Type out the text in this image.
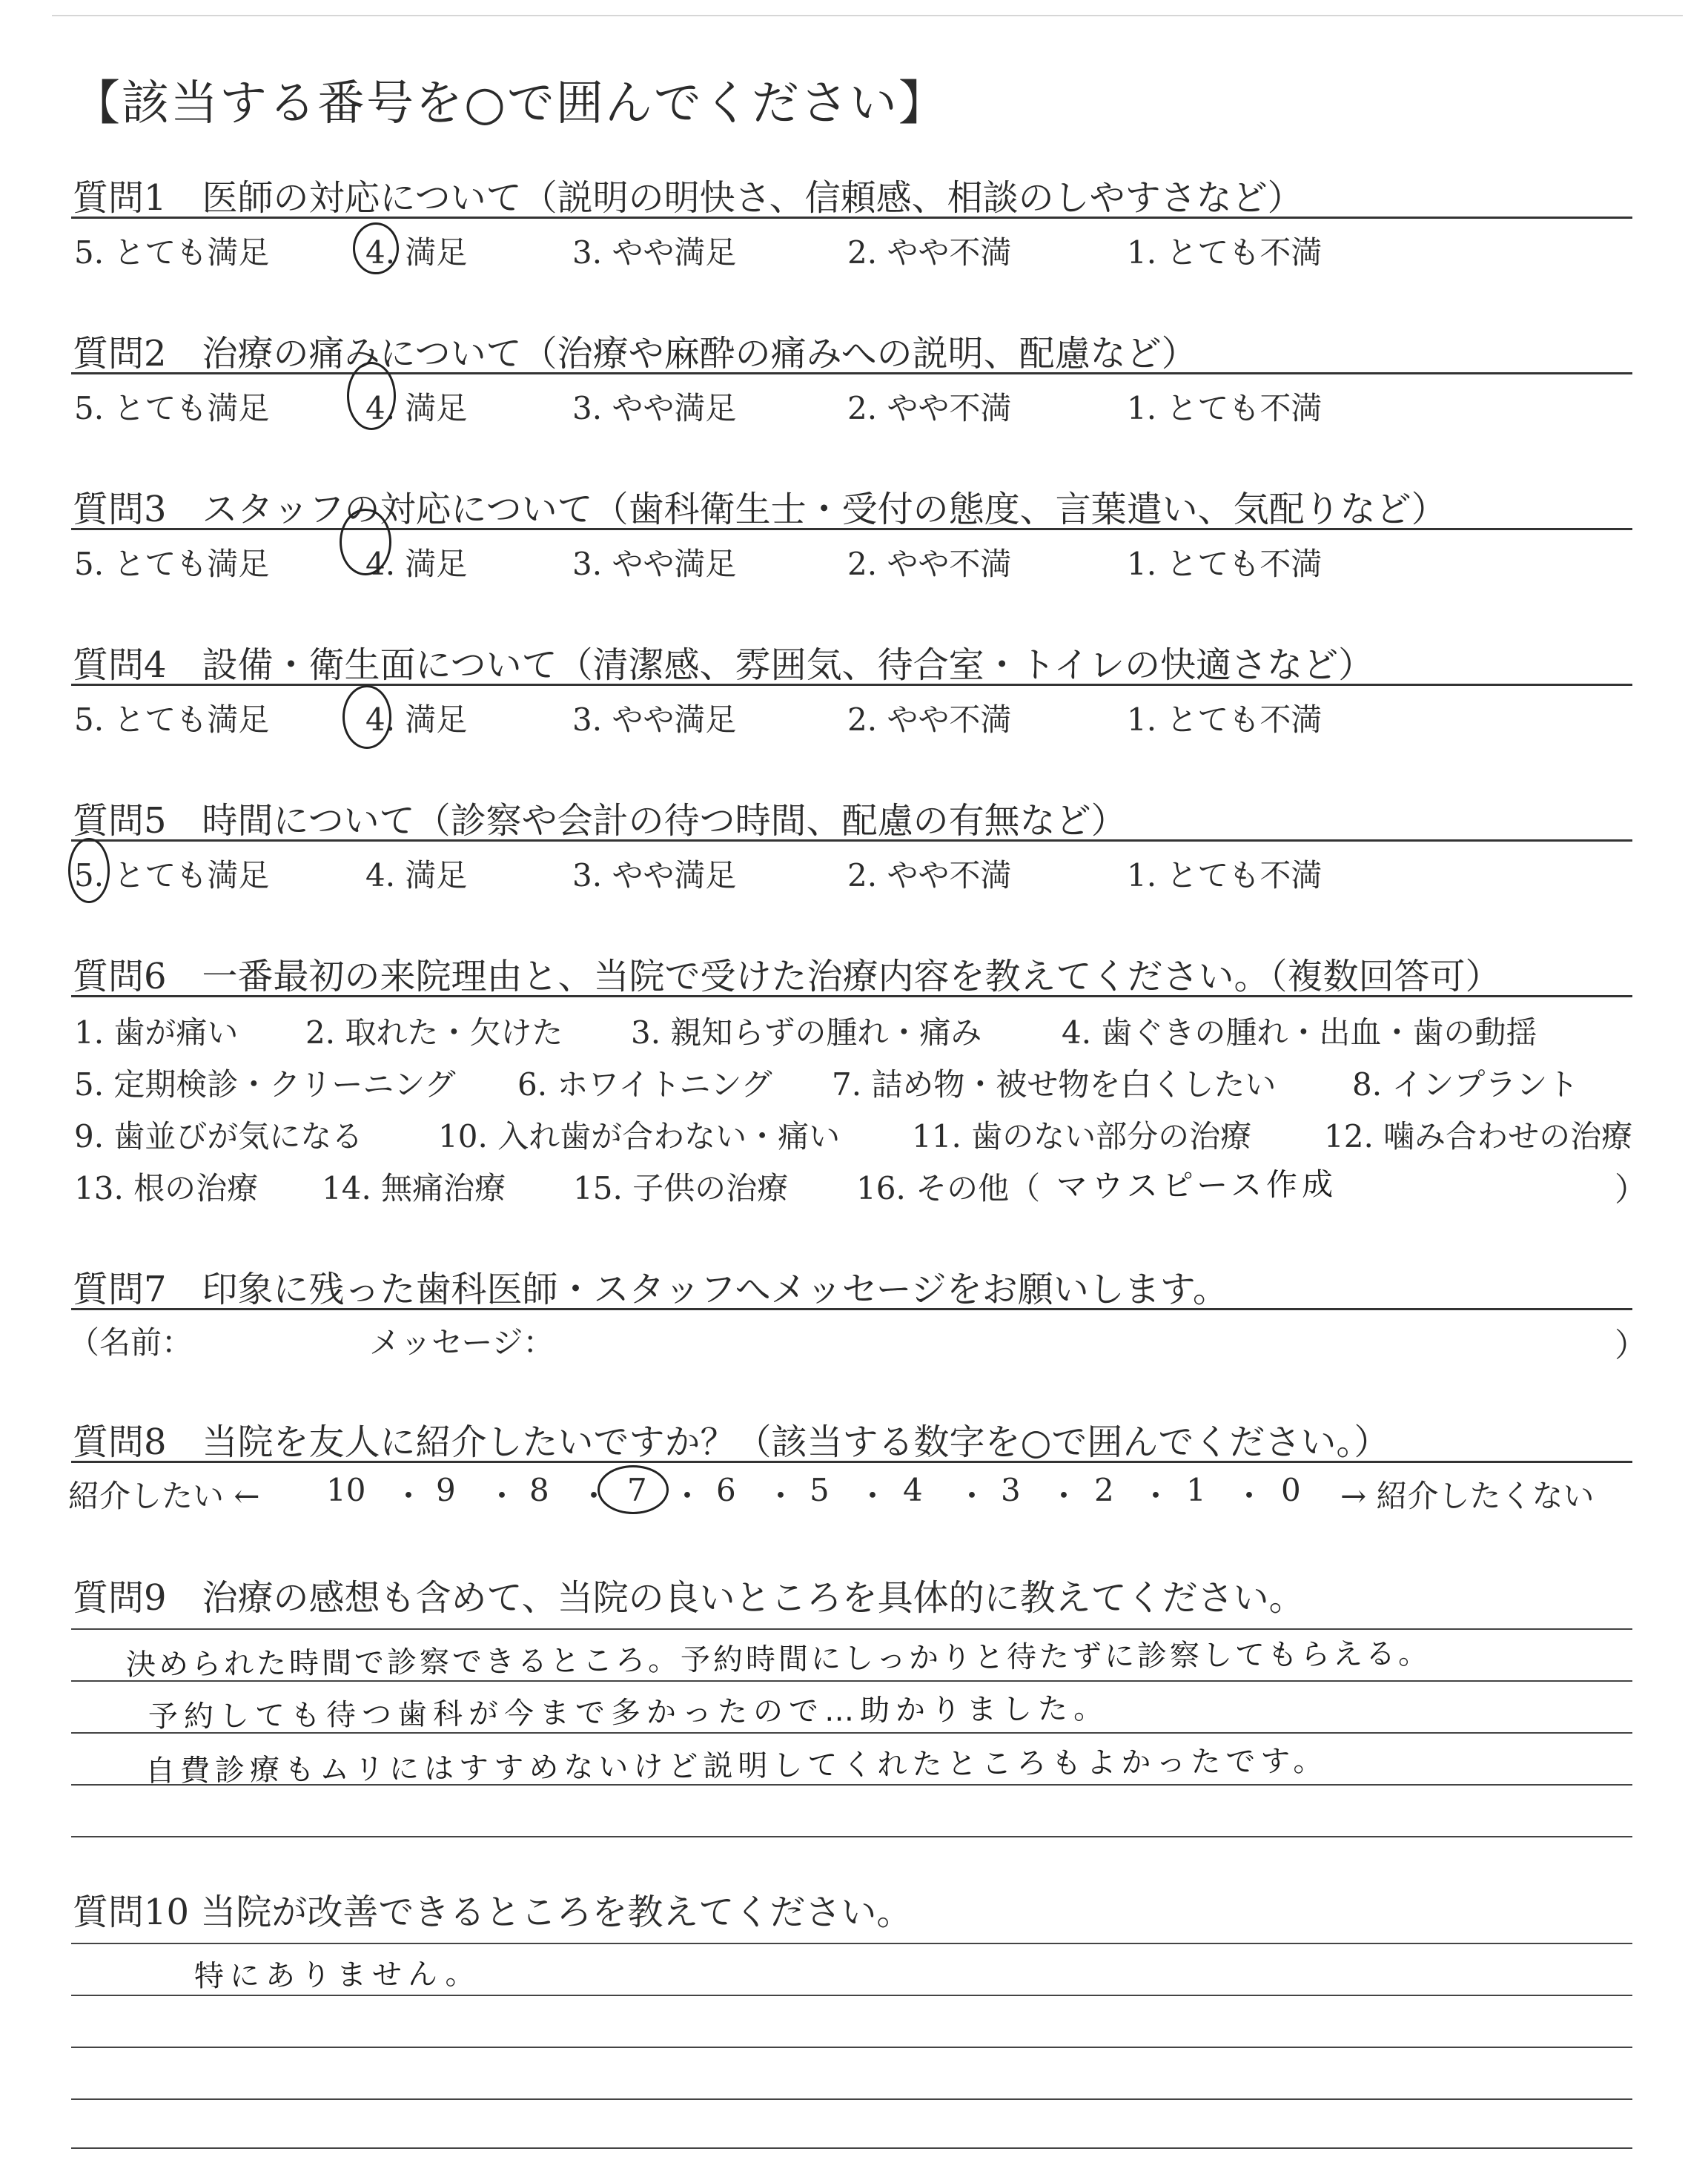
【該当する番号を○で囲んでください】
質問1　医師の対応について（説明の明快さ、信頼感、相談のしやすさなど）
5. とても満足	4. 満足	3. やや満足	2. やや不満	1. とても不満
質問2　治療の痛みについて（治療や麻酔の痛みへの説明、配慮など）
5. とても満足	4. 満足	3. やや満足	2. やや不満	1. とても不満
質問3　スタッフの対応について（歯科衛生士・受付の態度、言葉遣い、気配りなど）
5. とても満足	4. 満足	3. やや満足	2. やや不満	1. とても不満
質問4　設備・衛生面について（清潔感、雰囲気、待合室・トイレの快適さなど）
5. とても満足	4. 満足	3. やや満足	2. やや不満	1. とても不満
質問5　時間について（診察や会計の待つ時間、配慮の有無など）
5. とても満足	4. 満足	3. やや満足	2. やや不満	1. とても不満
質問6　一番最初の来院理由と、当院で受けた治療内容を教えてください。（複数回答可）
1. 歯が痛い 2. 取れた・欠けた 3. 親知らずの腫れ・痛み	4. 歯ぐきの腫れ・出血・歯の動揺
5. 定期検診・クリーニング 6. ホワイトニング 7. 詰め物・被せ物を白くしたい 8. インプラント
9. 歯並びが気になる 10. 入れ歯が合わない・痛い 11. 歯のない部分の治療 12. 噛み合わせの治療
13. 根の治療 14. 無痛治療 15. 子供の治療 16. その他（ マウスピース作成	）
質問7　印象に残った歯科医師・スタッフへメッセージをお願いします。
（名前：	メッセージ：	）
質問8　当院を友人に紹介したいですか？（該当する数字を○で囲んでください。）
紹介したい ← 10 ・ 9 ・ 8 ・ 7 ・ 6 ・ 5 ・ 4 ・ 3 ・ 2 ・ 1 ・ 0 → 紹介したくない
質問9　治療の感想も含めて、当院の良いところを具体的に教えてください。
決められた時間で診察できるところ。予約時間にしっかりと待たずに診察してもらえる。
予約しても待つ歯科が今まで多かったので…助かりました。
自費診療もムリにはすすめないけど説明してくれたところもよかったです。
質問10 当院が改善できるところを教えてください。
特にありません。
